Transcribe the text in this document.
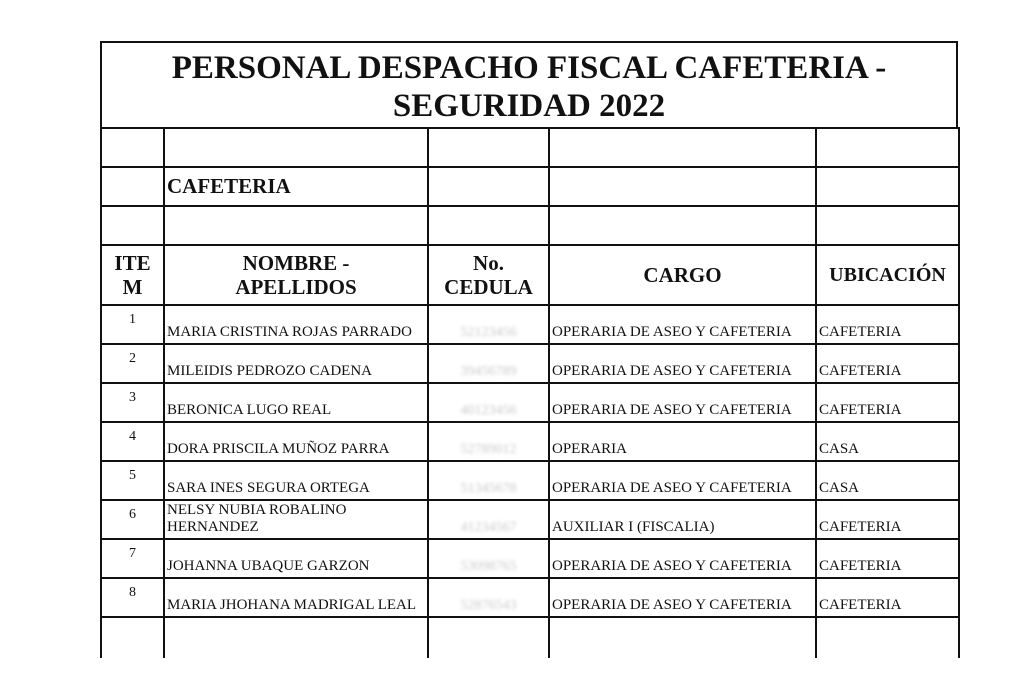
PERSONAL DESPACHO FISCAL CAFETERIA -
SEGURIDAD 2022

	CAFETERIA			

ITEM	NOMBRE - APELLIDOS	No. CEDULA	CARGO	UBICACIÓN
1	MARIA CRISTINA ROJAS PARRADO	52123456	OPERARIA DE ASEO Y CAFETERIA	CAFETERIA
2	MILEIDIS PEDROZO CADENA	39456789	OPERARIA DE ASEO Y CAFETERIA	CAFETERIA
3	BERONICA LUGO REAL	40123456	OPERARIA DE ASEO Y CAFETERIA	CAFETERIA
4	DORA PRISCILA MUÑOZ PARRA	52789012	OPERARIA	CASA
5	SARA INES SEGURA ORTEGA	51345678	OPERARIA DE ASEO Y CAFETERIA	CASA
6	NELSY NUBIA ROBALINO HERNANDEZ	41234567	AUXILIAR I (FISCALIA)	CAFETERIA
7	JOHANNA UBAQUE GARZON	53098765	OPERARIA DE ASEO Y CAFETERIA	CAFETERIA
8	MARIA JHOHANA MADRIGAL LEAL	52876543	OPERARIA DE ASEO Y CAFETERIA	CAFETERIA
